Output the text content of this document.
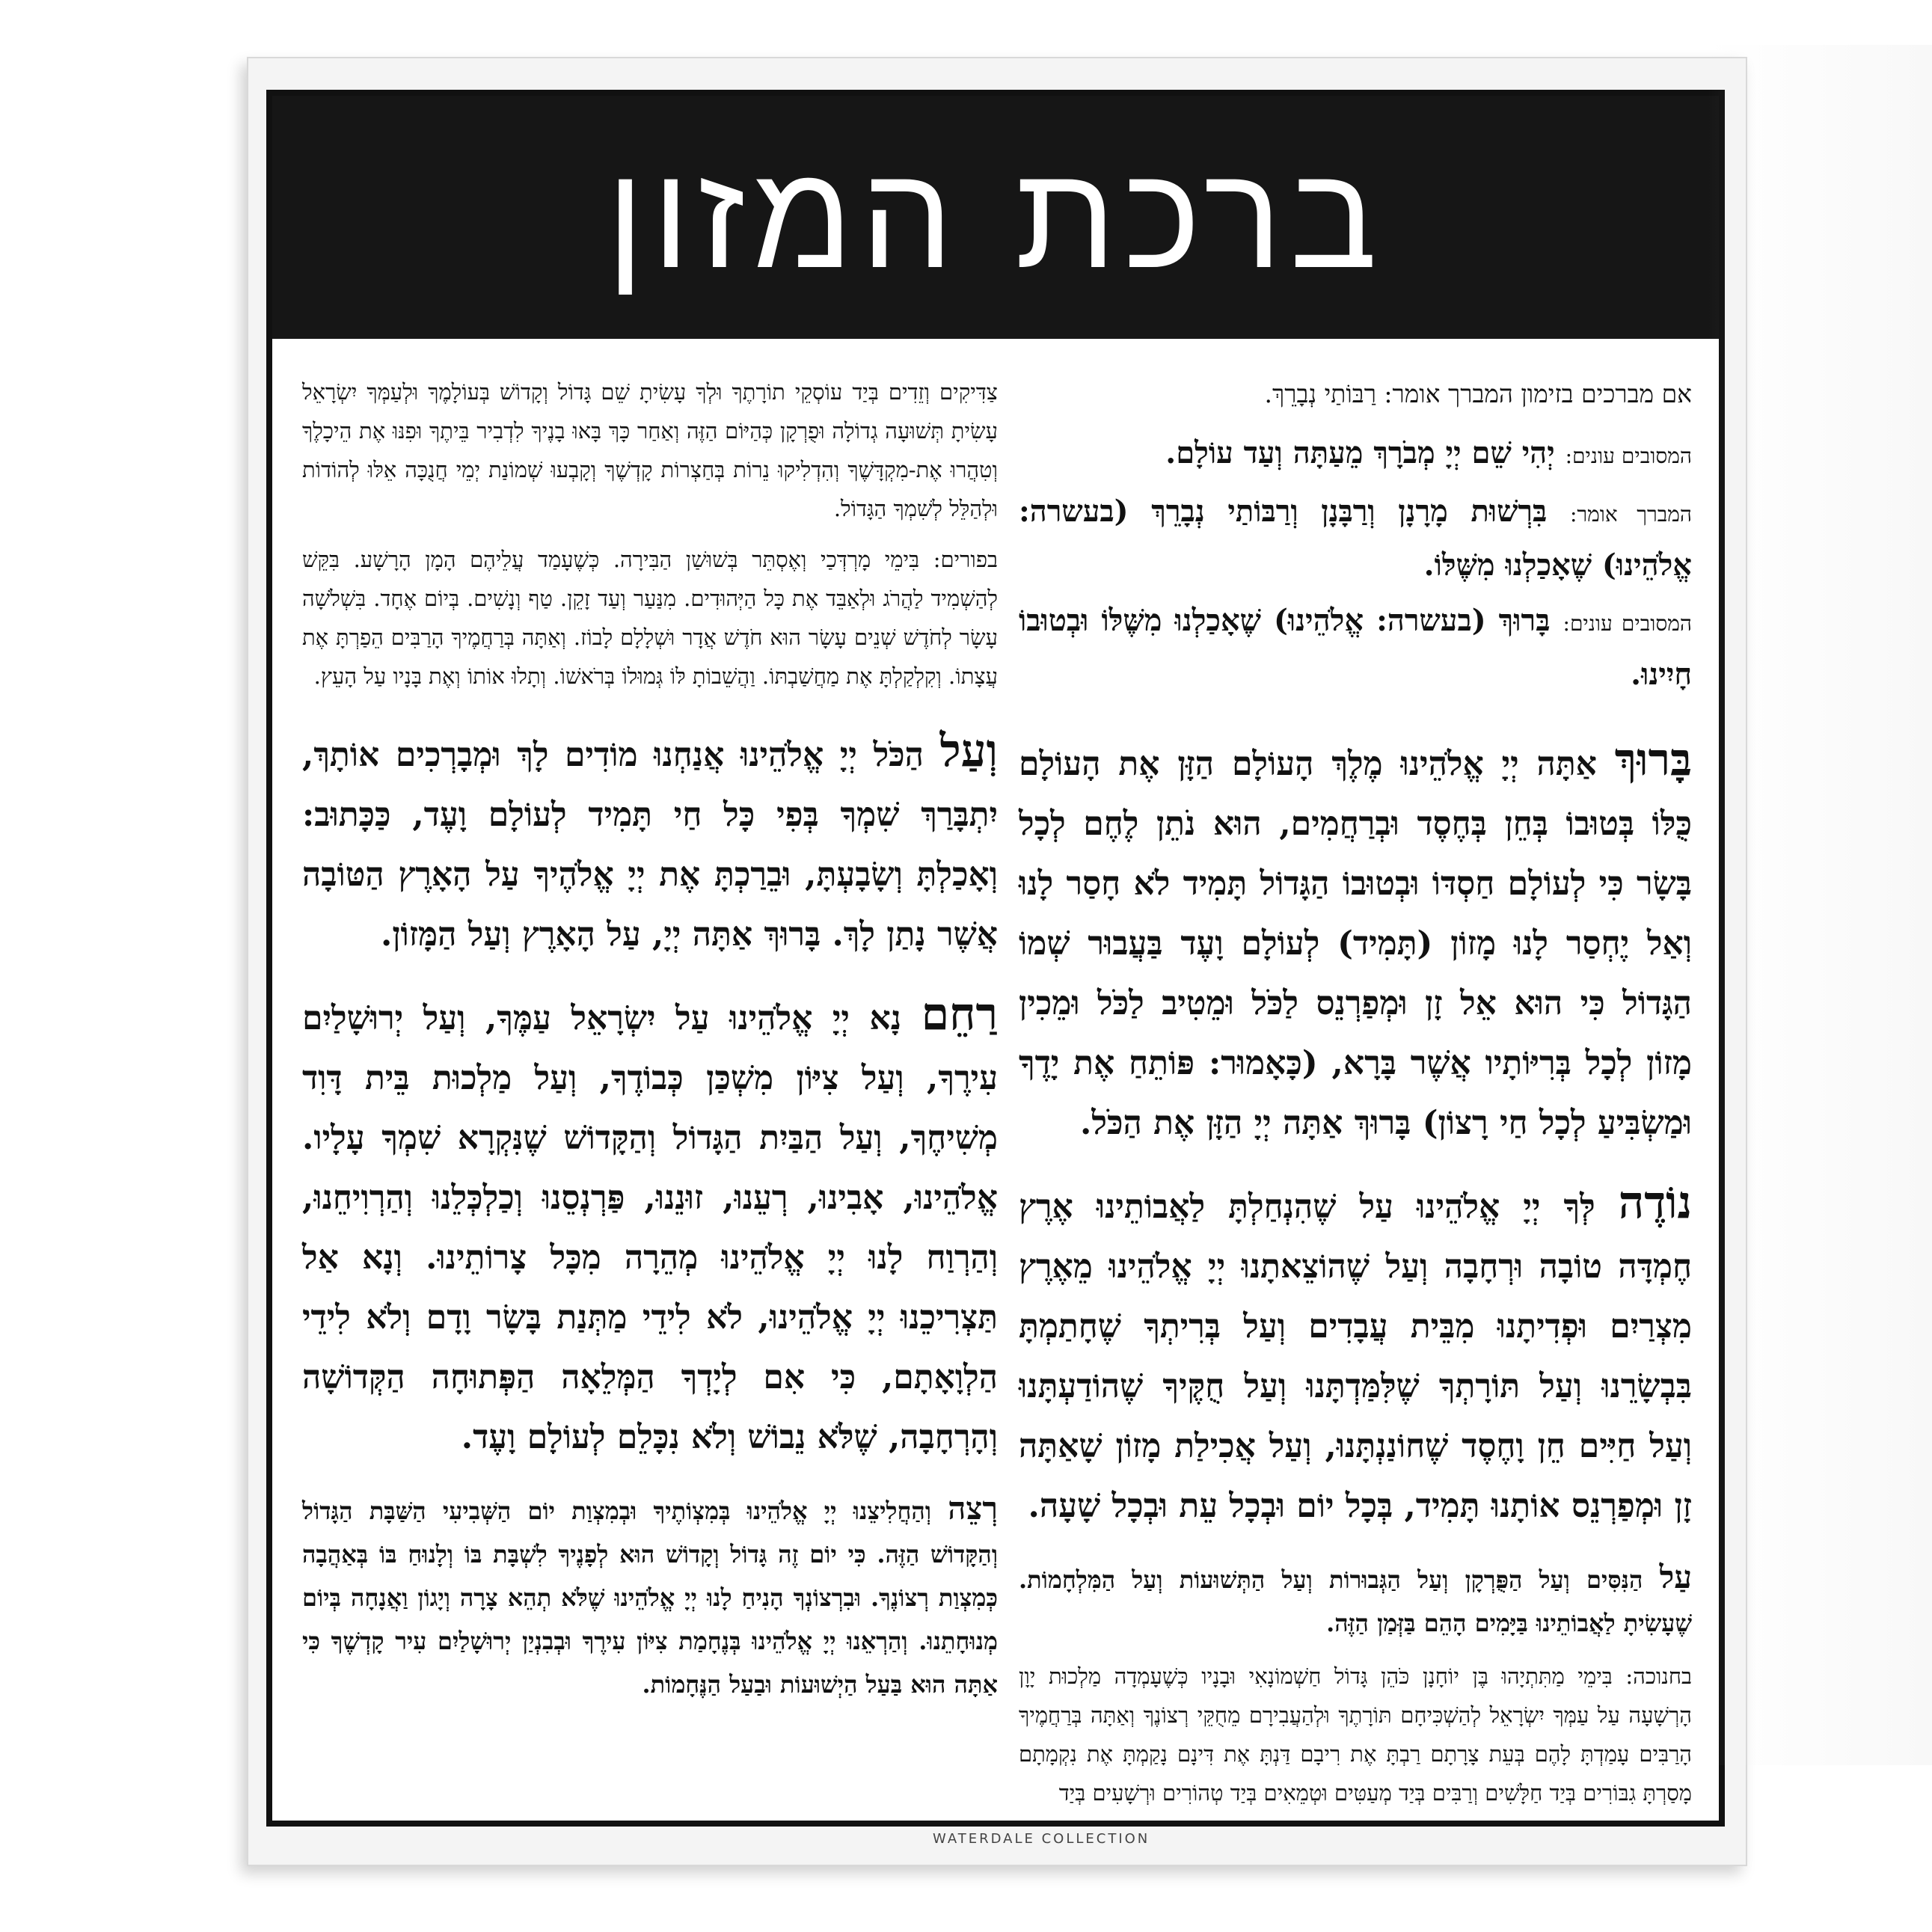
ברכת המזון

אם מברכים בזימון המברך אומר: רַבּוֹתַי נְבָרֵךְ.

המסובים עונים: יְהִי שֵׁם יְיָ מְבֹרָךְ מֵעַתָּה וְעַד עוֹלָם.

המברך אומר: בִּרְשׁוּת מָרָנָן וְרַבָּנָן וְרַבּוֹתַי נְבָרֵךְ (בעשרה: אֱלֹהֵינוּ) שֶׁאָכַלְנוּ מִשֶּׁלּוֹ.

המסובים עונים: בָּרוּךְ (בעשרה: אֱלֹהֵינוּ) שֶׁאָכַלְנוּ מִשֶּׁלּוֹ וּבְטוּבוֹ חָיִינוּ.

בָּרוּךְ אַתָּה יְיָ אֱלֹהֵינוּ מֶלֶךְ הָעוֹלָם הַזָּן אֶת הָעוֹלָם כֻּלּוֹ בְּטוּבוֹ בְּחֵן בְּחֶסֶד וּבְרַחֲמִים, הוּא נֹתֵן לֶחֶם לְכָל בָּשָׂר כִּי לְעוֹלָם חַסְדּוֹ וּבְטוּבוֹ הַגָּדוֹל תָּמִיד לֹא חָסַר לָנוּ וְאַל יֶחְסַר לָנוּ מָזוֹן (תָּמִיד) לְעוֹלָם וָעֶד בַּעֲבוּר שְׁמוֹ הַגָּדוֹל כִּי הוּא אֵל זָן וּמְפַרְנֵס לַכֹּל וּמֵטִיב לַכֹּל וּמֵכִין מָזוֹן לְכָל בְּרִיּוֹתָיו אֲשֶׁר בָּרָא, (כָּאָמוּר: פּוֹתֵחַ אֶת יָדֶךָ וּמַשְׂבִּיעַ לְכָל חַי רָצוֹן) בָּרוּךְ אַתָּה יְיָ הַזָּן אֶת הַכֹּל.

נוֹדֶה לְּךָ יְיָ אֱלֹהֵינוּ עַל שֶׁהִנְחַלְתָּ לַאֲבוֹתֵינוּ אֶרֶץ חֶמְדָּה טוֹבָה וּרְחָבָה וְעַל שֶׁהוֹצֵאתָנוּ יְיָ אֱלֹהֵינוּ מֵאֶרֶץ מִצְרַיִם וּפְדִיתָנוּ מִבֵּית עֲבָדִים וְעַל בְּרִיתְךָ שֶׁחָתַמְתָּ בִּבְשָׂרֵנוּ וְעַל תּוֹרָתְךָ שֶׁלִּמַּדְתָּנוּ וְעַל חֻקֶּיךָ שֶׁהוֹדַעְתָּנוּ וְעַל חַיִּים חֵן וָחֶסֶד שֶׁחוֹנַנְתָּנוּ, וְעַל אֲכִילַת מָזוֹן שָׁאַתָּה זָן וּמְפַרְנֵס אוֹתָנוּ תָּמִיד, בְּכָל יוֹם וּבְכָל עֵת וּבְכָל שָׁעָה.

עַל הַנִּסִּים וְעַל הַפֻּרְקָן וְעַל הַגְּבוּרוֹת וְעַל הַתְּשׁוּעוֹת וְעַל הַמִּלְחָמוֹת. שֶׁעָשִׂיתָ לַאֲבוֹתֵינוּ בַּיָּמִים הָהֵם בַּזְּמַן הַזֶּה.

בחנוכה: בִּימֵי מַתִּתְיָהוּ בֶּן יוֹחָנָן כֹּהֵן גָּדוֹל חַשְׁמוֹנָאִי וּבָנָיו כְּשֶׁעָמְדָה מַלְכוּת יָוָן הָרְשָׁעָה עַל עַמְּךָ יִשְׂרָאֵל לְהַשְׁכִּיחָם תּוֹרָתֶךָ וּלְהַעֲבִירָם מֵחֻקֵּי רְצוֹנֶךָ וְאַתָּה בְּרַחֲמֶיךָ הָרַבִּים עָמַדְתָּ לָהֶם בְּעֵת צָרָתָם רַבְתָּ אֶת רִיבָם דַּנְתָּ אֶת דִּינָם נָקַמְתָּ אֶת נִקְמָתָם מָסַרְתָּ גִבּוֹרִים בְּיַד חַלָּשִׁים וְרַבִּים בְּיַד מְעַטִּים וּטְמֵאִים בְּיַד טְהוֹרִים וּרְשָׁעִים בְּיַד

צַדִּיקִים וְזֵדִים בְּיַד עוֹסְקֵי תוֹרָתֶךָ וּלְךָ עָשִׂיתָ שֵׁם גָּדוֹל וְקָדוֹשׁ בְּעוֹלָמֶךָ וּלְעַמְּךָ יִשְׂרָאֵל עָשִׂיתָ תְּשׁוּעָה גְדוֹלָה וּפֻרְקָן כְּהַיּוֹם הַזֶּה וְאַחַר כָּךְ בָּאוּ בָנֶיךָ לִדְבִיר בֵּיתֶךָ וּפִנּוּ אֶת הֵיכָלֶךָ וְטִהֲרוּ אֶת-מִקְדָּשֶׁךָ וְהִדְלִיקוּ נֵרוֹת בְּחַצְרוֹת קָדְשֶׁךָ וְקָבְעוּ שְׁמוֹנַת יְמֵי חֲנֻכָּה אֵלּוּ לְהוֹדוֹת וּלְהַלֵּל לְשִׁמְךָ הַגָּדוֹל.

בפורים: בִּימֵי מָרְדְּכַי וְאֶסְתֵּר בְּשׁוּשַׁן הַבִּירָה. כְּשֶׁעָמַד עֲלֵיהֶם הָמָן הָרָשָׁע. בִּקֵּשׁ לְהַשְׁמִיד לַהֲרֹג וּלְאַבֵּד אֶת כָּל הַיְּהוּדִים. מִנַּעַר וְעַד זָקֵן. טַף וְנָשִׁים. בְּיוֹם אֶחָד. בִּשְׁלֹשָׁה עָשָׂר לְחֹדֶשׁ שְׁנֵים עָשָׂר הוּא חֹדֶשׁ אֲדָר וּשְׁלָלָם לָבוֹז. וְאַתָּה בְּרַחֲמֶיךָ הָרַבִּים הֵפַרְתָּ אֶת עֲצָתוֹ. וְקִלְקַלְתָּ אֶת מַחֲשַׁבְתּוֹ. וַהֲשֵׁבוֹתָ לּוֹ גְּמוּלוֹ בְּרֹאשׁוֹ. וְתָלוּ אוֹתוֹ וְאֶת בָּנָיו עַל הָעֵץ.

וְעַל הַכֹּל יְיָ אֱלֹהֵינוּ אֲנַחְנוּ מוֹדִים לָךְ וּמְבָרְכִים אוֹתָךְ, יִתְבָּרַךְ שִׁמְךָ בְּפִי כָּל חַי תָּמִיד לְעוֹלָם וָעֶד, כַּכָּתוּב: וְאָכַלְתָּ וְשָׂבָעְתָּ, וּבֵרַכְתָּ אֶת יְיָ אֱלֹהֶיךָ עַל הָאָרֶץ הַטּוֹבָה אֲשֶׁר נָתַן לָךְ. בָּרוּךְ אַתָּה יְיָ, עַל הָאָרֶץ וְעַל הַמָּזוֹן.

רַחֵם נָא יְיָ אֱלֹהֵינוּ עַל יִשְׂרָאֵל עַמֶּךָ, וְעַל יְרוּשָׁלַיִם עִירֶךָ, וְעַל צִיּוֹן מִשְׁכַּן כְּבוֹדֶךָ, וְעַל מַלְכוּת בֵּית דָּוִד מְשִׁיחֶךָ, וְעַל הַבַּיִת הַגָּדוֹל וְהַקָּדוֹשׁ שֶׁנִּקְרָא שִׁמְךָ עָלָיו. אֱלֹהֵינוּ, אָבִינוּ, רְעֵנוּ, זוּנֵנוּ, פַּרְנְסֵנוּ וְכַלְכְּלֵנוּ וְהַרְוִיחֵנוּ, וְהַרְוַח לָנוּ יְיָ אֱלֹהֵינוּ מְהֵרָה מִכָּל צָרוֹתֵינוּ. וְנָא אַל תַּצְרִיכֵנוּ יְיָ אֱלֹהֵינוּ, לֹא לִידֵי מַתְּנַת בָּשָׂר וָדָם וְלֹא לִידֵי הַלְוָאָתָם, כִּי אִם לְיָדְךָ הַמְּלֵאָה הַפְּתוּחָה הַקְּדוֹשָׁה וְהָרְחָבָה, שֶׁלֹּא נֵבוֹשׁ וְלֹא נִכָּלֵם לְעוֹלָם וָעֶד.

רְצֵה וְהַחֲלִיצֵנוּ יְיָ אֱלֹהֵינוּ בְּמִצְוֹתֶיךָ וּבְמִצְוַת יוֹם הַשְּׁבִיעִי הַשַּׁבָּת הַגָּדוֹל וְהַקָּדוֹשׁ הַזֶּה. כִּי יוֹם זֶה גָּדוֹל וְקָדוֹשׁ הוּא לְפָנֶיךָ לִשְׁבָּת בּוֹ וְלָנוּחַ בּוֹ בְּאַהֲבָה כְּמִצְוַת רְצוֹנֶךָ. וּבִרְצוֹנְךָ הָנִיחַ לָנוּ יְיָ אֱלֹהֵינוּ שֶׁלֹּא תְהֵא צָרָה וְיָגוֹן וַאֲנָחָה בְּיוֹם מְנוּחָתֵנוּ. וְהַרְאֵנוּ יְיָ אֱלֹהֵינוּ בְּנֶחָמַת צִיּוֹן עִירֶךָ וּבְבִנְיַן יְרוּשָׁלַיִם עִיר קָדְשֶׁךָ כִּי אַתָּה הוּא בַּעַל הַיְשׁוּעוֹת וּבַעַל הַנֶּחָמוֹת.

WATERDALE COLLECTION
